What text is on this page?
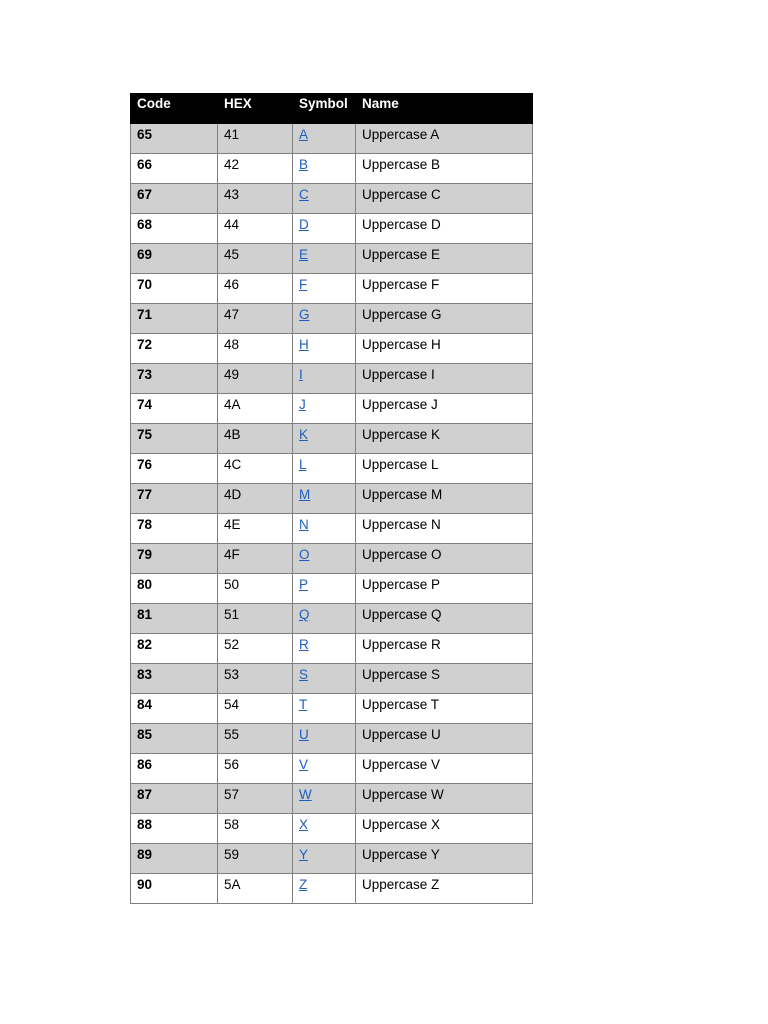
Code	HEX	Symbol	Name
65	41	A	Uppercase A
66	42	B	Uppercase B
67	43	C	Uppercase C
68	44	D	Uppercase D
69	45	E	Uppercase E
70	46	F	Uppercase F
71	47	G	Uppercase G
72	48	H	Uppercase H
73	49	I	Uppercase I
74	4A	J	Uppercase J
75	4B	K	Uppercase K
76	4C	L	Uppercase L
77	4D	M	Uppercase M
78	4E	N	Uppercase N
79	4F	O	Uppercase O
80	50	P	Uppercase P
81	51	Q	Uppercase Q
82	52	R	Uppercase R
83	53	S	Uppercase S
84	54	T	Uppercase T
85	55	U	Uppercase U
86	56	V	Uppercase V
87	57	W	Uppercase W
88	58	X	Uppercase X
89	59	Y	Uppercase Y
90	5A	Z	Uppercase Z
